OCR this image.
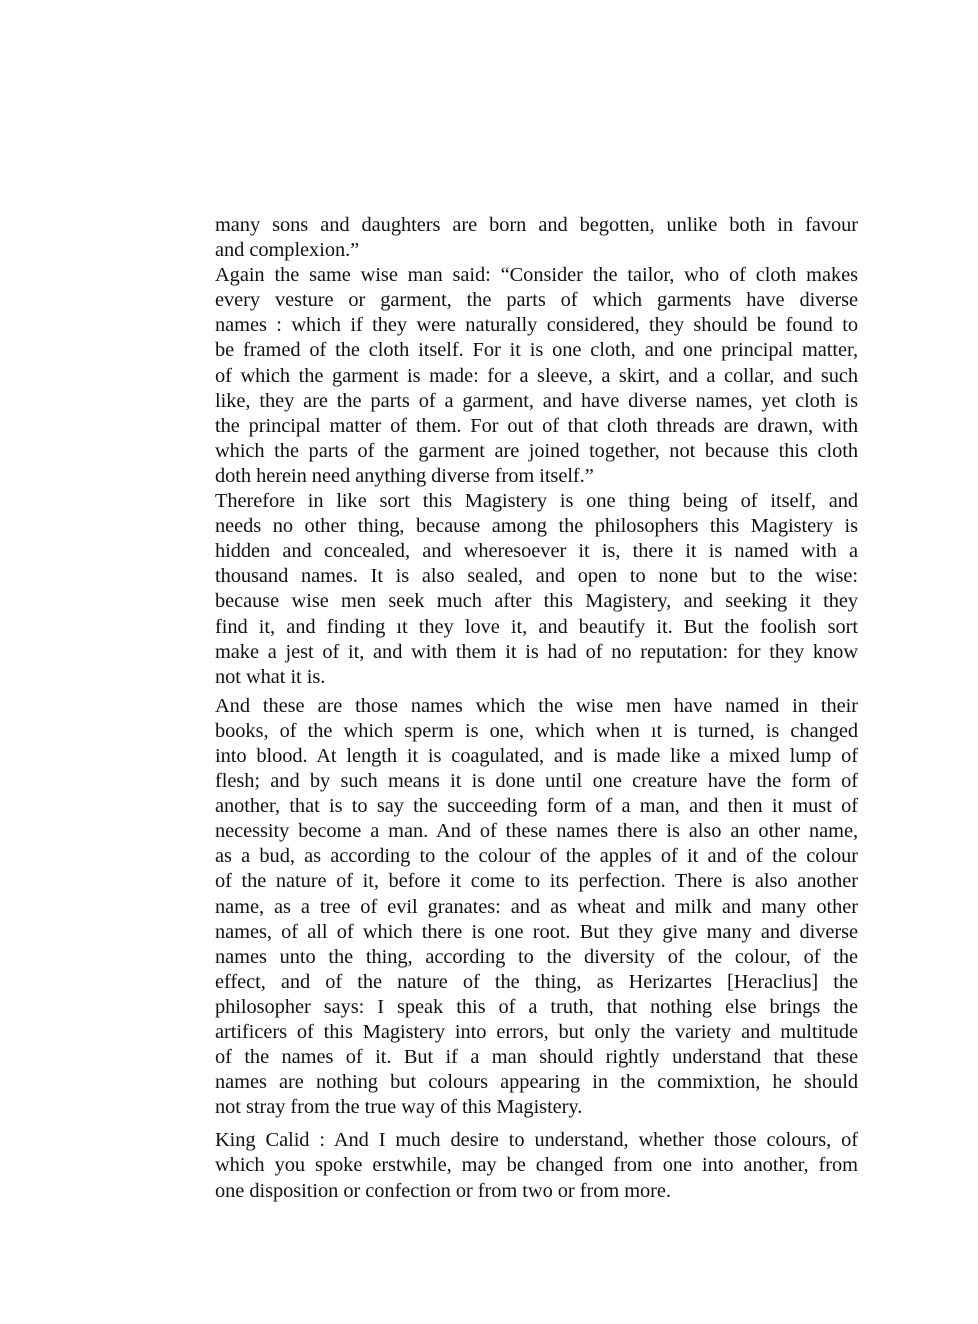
many sons and daughters are born and begotten, unlike both in favour
and complexion.”

Again the same wise man said: “Consider the tailor, who of cloth makes
every vesture or garment, the parts of which garments have diverse
names : which if they were naturally considered, they should be found to
be framed of the cloth itself. For it is one cloth, and one principal matter,
of which the garment is made: for a sleeve, a skirt, and a collar, and such
like, they are the parts of a garment, and have diverse names, yet cloth is
the principal matter of them. For out of that cloth threads are drawn, with
which the parts of the garment are joined together, not because this cloth
doth herein need anything diverse from itself.”

Therefore in like sort this Magistery is one thing being of itself, and
needs no other thing, because among the philosophers this Magistery is
hidden and concealed, and wheresoever it is, there it is named with a
thousand names. It is also sealed, and open to none but to the wise:
because wise men seek much after this Magistery, and seeking it they
find it, and finding ıt they love it, and beautify it. But the foolish sort
make a jest of it, and with them it is had of no reputation: for they know
not what it is.

And these are those names which the wise men have named in their
books, of the which sperm is one, which when ıt is turned, is changed
into blood. At length it is coagulated, and is made like a mixed lump of
flesh; and by such means it is done until one creature have the form of
another, that is to say the succeeding form of a man, and then it must of
necessity become a man. And of these names there is also an other name,
as a bud, as according to the colour of the apples of it and of the colour
of the nature of it, before it come to its perfection. There is also another
name, as a tree of evil granates: and as wheat and milk and many other
names, of all of which there is one root. But they give many and diverse
names unto the thing, according to the diversity of the colour, of the
effect, and of the nature of the thing, as Herizartes [Heraclius] the
philosopher says: I speak this of a truth, that nothing else brings the
artificers of this Magistery into errors, but only the variety and multitude
of the names of it. But if a man should rightly understand that these
names are nothing but colours appearing in the commixtion, he should
not stray from the true way of this Magistery.

King Calid : And I much desire to understand, whether those colours, of
which you spoke erstwhile, may be changed from one into another, from
one disposition or confection or from two or from more.
